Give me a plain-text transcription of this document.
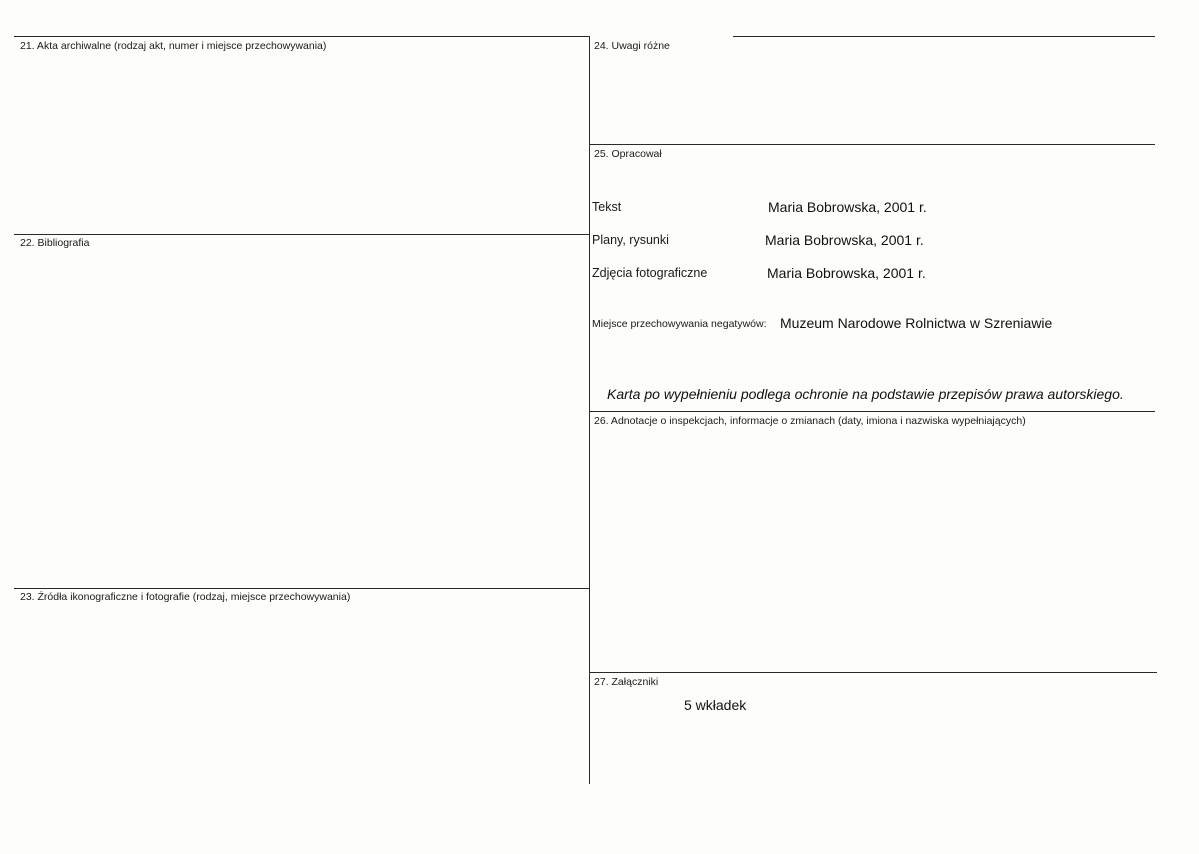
21. Akta archiwalne (rodzaj akt, numer i miejsce przechowywania)
22. Bibliografia
23. Źródła ikonograficzne i fotografie (rodzaj, miejsce przechowywania)
24. Uwagi różne
25. Opracował
Tekst	Maria Bobrowska, 2001 r.
Plany, rysunki	Maria Bobrowska, 2001 r.
Zdjęcia fotograficzne	Maria Bobrowska, 2001 r.
Miejsce przechowywania negatywów: Muzeum Narodowe Rolnictwa w Szreniawie
Karta po wypełnieniu podlega ochronie na podstawie przepisów prawa autorskiego.
26. Adnotacje o inspekcjach, informacje o zmianach (daty, imiona i nazwiska wypełniających)
27. Załączniki
5 wkładek
